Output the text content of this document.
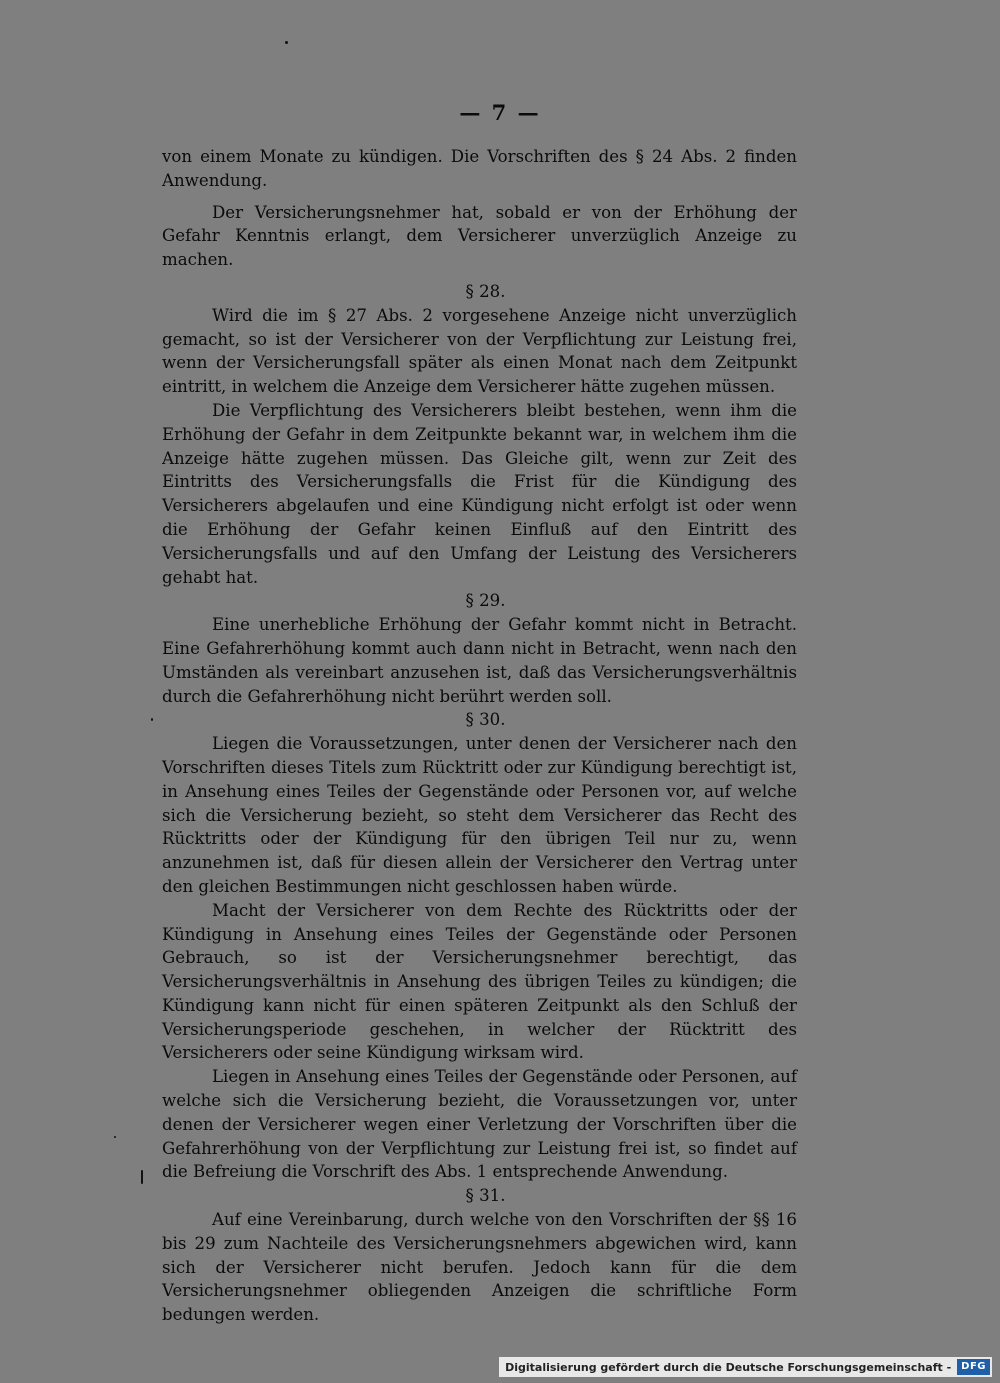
— 7 —

von einem Monate zu kündigen. Die Vorschriften des § 24 Abs. 2 finden Anwendung.

Der Versicherungsnehmer hat, sobald er von der Erhöhung der Gefahr Kenntnis erlangt, dem Versicherer unverzüglich Anzeige zu machen.

§ 28.

Wird die im § 27 Abs. 2 vorgesehene Anzeige nicht unverzüglich gemacht, so ist der Versicherer von der Verpflichtung zur Leistung frei, wenn der Versicherungsfall später als einen Monat nach dem Zeitpunkt eintritt, in welchem die Anzeige dem Versicherer hätte zugehen müssen.

Die Verpflichtung des Versicherers bleibt bestehen, wenn ihm die Erhöhung der Gefahr in dem Zeitpunkte bekannt war, in welchem ihm die Anzeige hätte zugehen müssen. Das Gleiche gilt, wenn zur Zeit des Eintritts des Versicherungsfalls die Frist für die Kündigung des Versicherers abgelaufen und eine Kündigung nicht erfolgt ist oder wenn die Erhöhung der Gefahr keinen Einfluß auf den Eintritt des Versicherungsfalls und auf den Umfang der Leistung des Versicherers gehabt hat.

§ 29.

Eine unerhebliche Erhöhung der Gefahr kommt nicht in Betracht. Eine Gefahrerhöhung kommt auch dann nicht in Betracht, wenn nach den Umständen als vereinbart anzusehen ist, daß das Versicherungsverhältnis durch die Gefahrerhöhung nicht berührt werden soll.

§ 30.

Liegen die Voraussetzungen, unter denen der Versicherer nach den Vorschriften dieses Titels zum Rücktritt oder zur Kündigung berechtigt ist, in Ansehung eines Teiles der Gegenstände oder Personen vor, auf welche sich die Versicherung bezieht, so steht dem Versicherer das Recht des Rücktritts oder der Kündigung für den übrigen Teil nur zu, wenn anzunehmen ist, daß für diesen allein der Versicherer den Vertrag unter den gleichen Bestimmungen nicht geschlossen haben würde.

Macht der Versicherer von dem Rechte des Rücktritts oder der Kündigung in Ansehung eines Teiles der Gegenstände oder Personen Gebrauch, so ist der Versicherungsnehmer berechtigt, das Versicherungsverhältnis in Ansehung des übrigen Teiles zu kündigen; die Kündigung kann nicht für einen späteren Zeitpunkt als den Schluß der Versicherungsperiode geschehen, in welcher der Rücktritt des Versicherers oder seine Kündigung wirksam wird.

Liegen in Ansehung eines Teiles der Gegenstände oder Personen, auf welche sich die Versicherung bezieht, die Voraussetzungen vor, unter denen der Versicherer wegen einer Verletzung der Vorschriften über die Gefahrerhöhung von der Verpflichtung zur Leistung frei ist, so findet auf die Befreiung die Vorschrift des Abs. 1 entsprechende Anwendung.

§ 31.

Auf eine Vereinbarung, durch welche von den Vorschriften der §§ 16 bis 29 zum Nachteile des Versicherungsnehmers abgewichen wird, kann sich der Versicherer nicht berufen. Jedoch kann für die dem Versicherungsnehmer obliegenden Anzeigen die schriftliche Form bedungen werden.

Digitalisierung gefördert durch die Deutsche Forschungsgemeinschaft -	DFG
